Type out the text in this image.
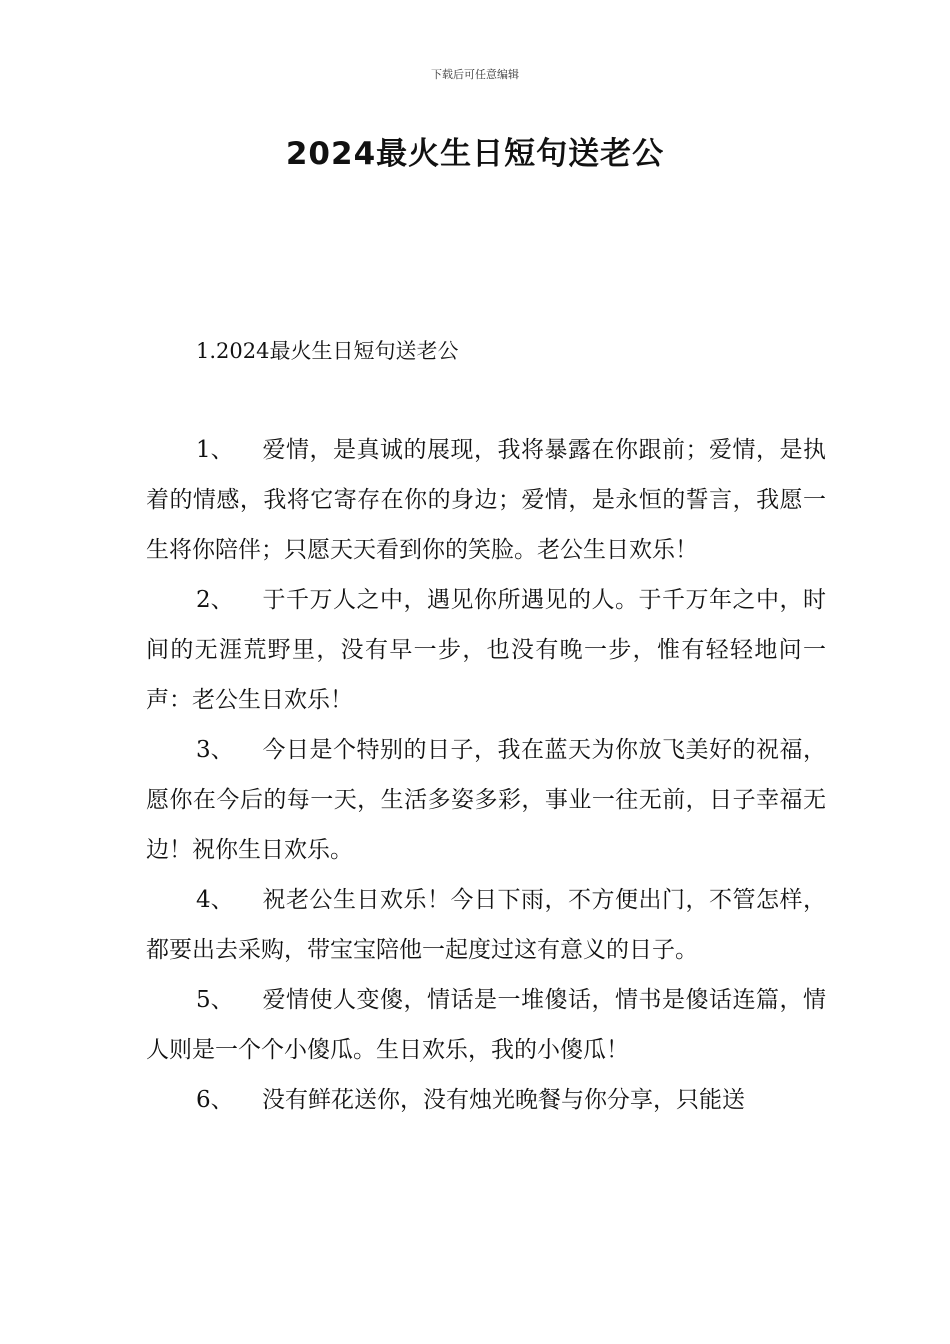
下载后可任意编辑
2024最火生日短句送老公
1.2024最火生日短句送老公

1、 爱情，是真诚的展现，我将暴露在你跟前；爱情，是执着的情感，我将它寄存在你的身边；爱情，是永恒的誓言，我愿一生将你陪伴；只愿天天看到你的笑脸。老公生日欢乐！

2、 于千万人之中，遇见你所遇见的人。于千万年之中，时间的无涯荒野里，没有早一步，也没有晚一步，惟有轻轻地问一声：老公生日欢乐！

3、 今日是个特别的日子，我在蓝天为你放飞美好的祝福，愿你在今后的每一天，生活多姿多彩，事业一往无前，日子幸福无边！祝你生日欢乐。

4、 祝老公生日欢乐！今日下雨，不方便出门，不管怎样，都要出去采购，带宝宝陪他一起度过这有意义的日子。

5、 爱情使人变傻，情话是一堆傻话，情书是傻话连篇，情人则是一个个小傻瓜。生日欢乐，我的小傻瓜！

6、 没有鲜花送你，没有烛光晚餐与你分享，只能送
